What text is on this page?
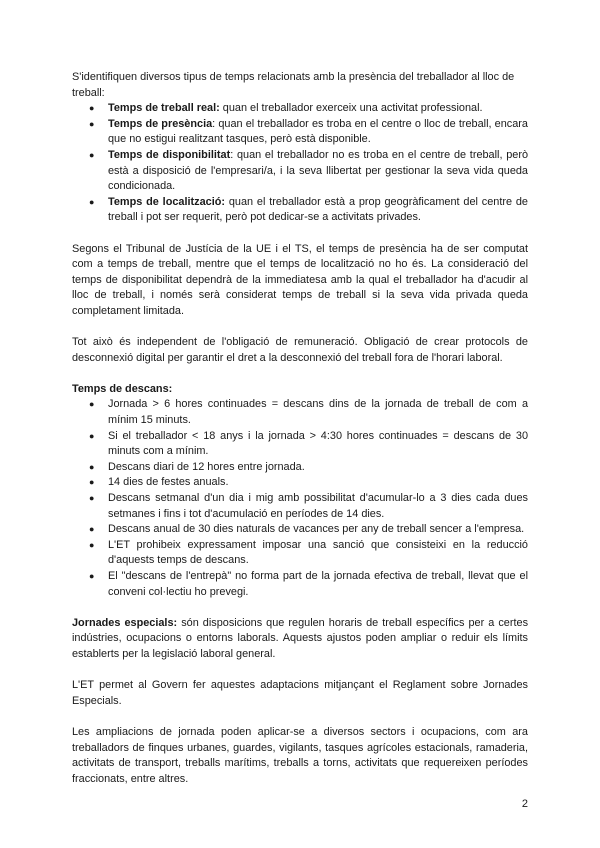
S'identifiquen diversos tipus de temps relacionats amb la presència del treballador al lloc de treball:

● Temps de treball real: quan el treballador exerceix una activitat professional.
● Temps de presència: quan el treballador es troba en el centre o lloc de treball, encara que no estigui realitzant tasques, però està disponible.
● Temps de disponibilitat: quan el treballador no es troba en el centre de treball, però està a disposició de l'empresari/a, i la seva llibertat per gestionar la seva vida queda condicionada.
● Temps de localització: quan el treballador està a prop geogràficament del centre de treball i pot ser requerit, però pot dedicar-se a activitats privades.

Segons el Tribunal de Justícia de la UE i el TS, el temps de presència ha de ser computat com a temps de treball, mentre que el temps de localització no ho és. La consideració del temps de disponibilitat dependrà de la immediatesa amb la qual el treballador ha d'acudir al lloc de treball, i només serà considerat temps de treball si la seva vida privada queda completament limitada.

Tot això és independent de l'obligació de remuneració. Obligació de crear protocols de desconnexió digital per garantir el dret a la desconnexió del treball fora de l'horari laboral.

Temps de descans:

● Jornada > 6 hores continuades = descans dins de la jornada de treball de com a mínim 15 minuts.
● Si el treballador < 18 anys i la jornada > 4:30 hores continuades = descans de 30 minuts com a mínim.
● Descans diari de 12 hores entre jornada.
● 14 dies de festes anuals.
● Descans setmanal d'un dia i mig amb possibilitat d'acumular-lo a 3 dies cada dues setmanes i fins i tot d'acumulació en períodes de 14 dies.
● Descans anual de 30 dies naturals de vacances per any de treball sencer a l'empresa.
● L'ET prohibeix expressament imposar una sanció que consisteixi en la reducció d'aquests temps de descans.
● El "descans de l'entrepà" no forma part de la jornada efectiva de treball, llevat que el conveni col·lectiu ho prevegi.

Jornades especials: són disposicions que regulen horaris de treball específics per a certes indústries, ocupacions o entorns laborals. Aquests ajustos poden ampliar o reduir els límits establerts per la legislació laboral general.

L'ET permet al Govern fer aquestes adaptacions mitjançant el Reglament sobre Jornades Especials.

Les ampliacions de jornada poden aplicar-se a diversos sectors i ocupacions, com ara treballadors de finques urbanes, guardes, vigilants, tasques agrícoles estacionals, ramaderia, activitats de transport, treballs marítims, treballs a torns, activitats que requereixen períodes fraccionats, entre altres.

2
